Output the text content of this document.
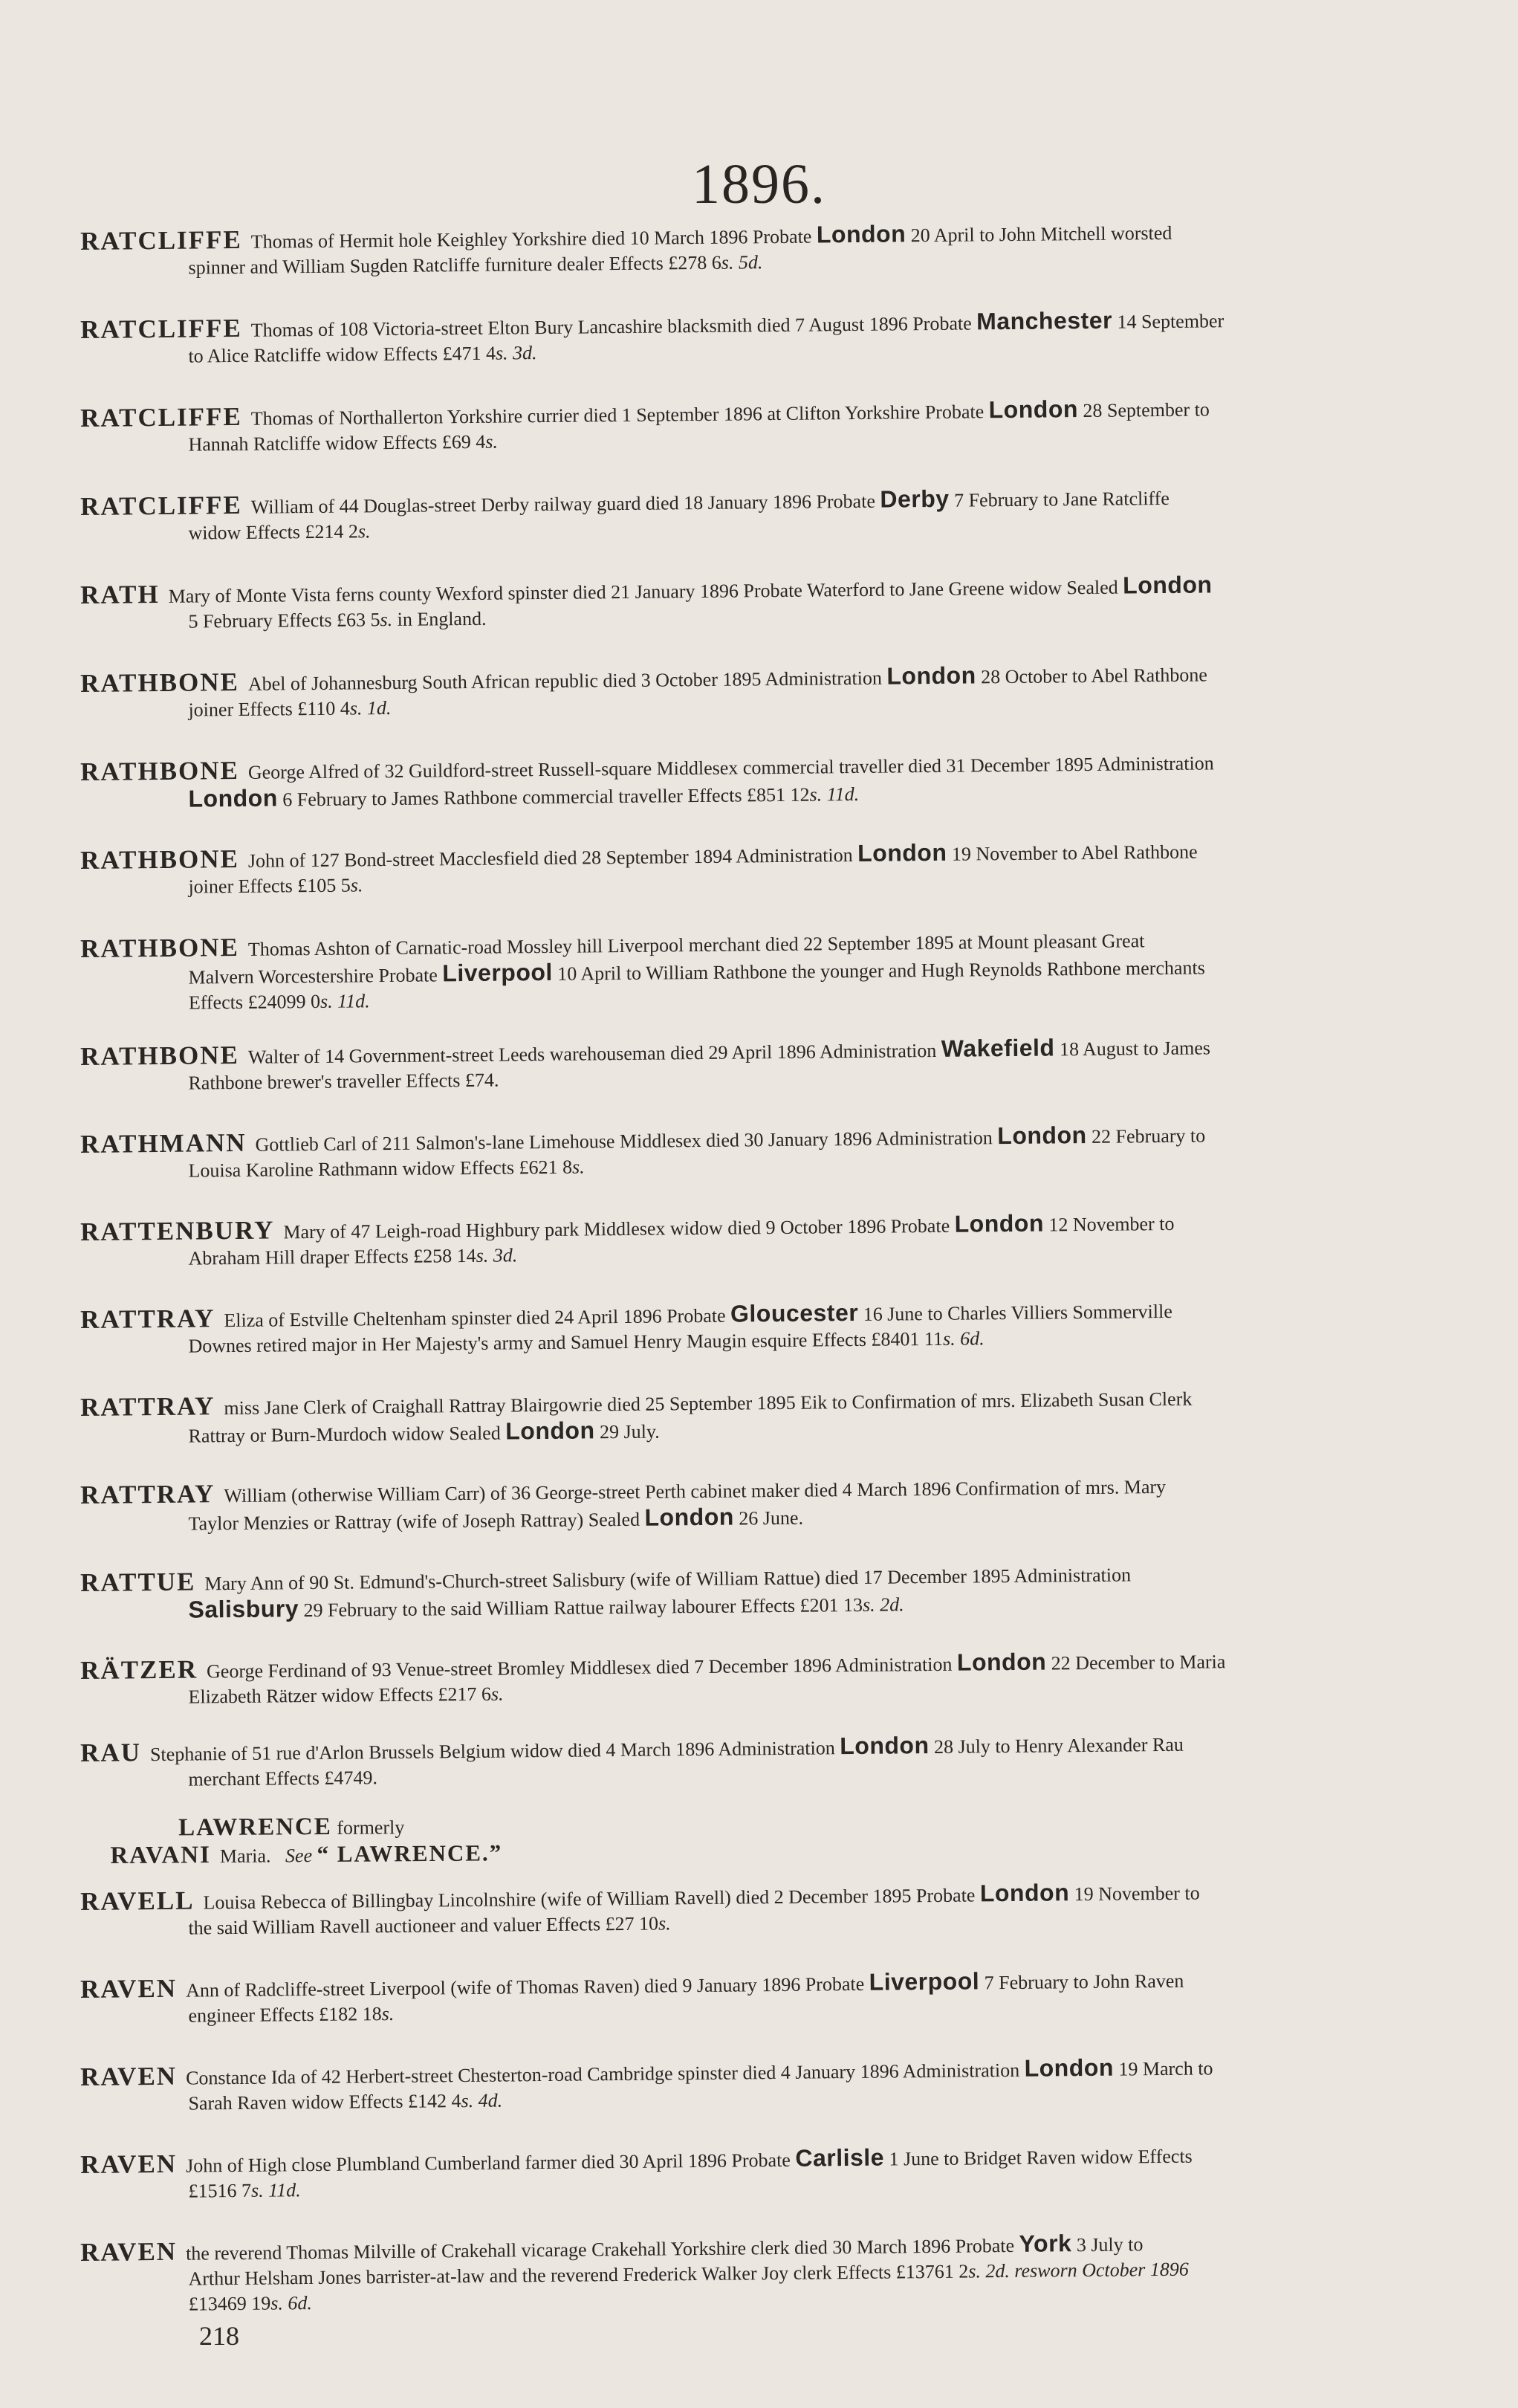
1896.
RATCLIFFE Thomas of Hermit hole Keighley Yorkshire died 10 March 1896 Probate London 20 April to John Mitchell worsted
spinner and William Sugden Ratcliffe furniture dealer Effects £278 6s. 5d.
RATCLIFFE Thomas of 108 Victoria-street Elton Bury Lancashire blacksmith died 7 August 1896 Probate Manchester 14 September
to Alice Ratcliffe widow Effects £471 4s. 3d.
RATCLIFFE Thomas of Northallerton Yorkshire currier died 1 September 1896 at Clifton Yorkshire Probate London 28 September to
Hannah Ratcliffe widow Effects £69 4s.
RATCLIFFE William of 44 Douglas-street Derby railway guard died 18 January 1896 Probate Derby 7 February to Jane Ratcliffe
widow Effects £214 2s.
RATH Mary of Monte Vista ferns county Wexford spinster died 21 January 1896 Probate Waterford to Jane Greene widow Sealed London
5 February Effects £63 5s. in England.
RATHBONE Abel of Johannesburg South African republic died 3 October 1895 Administration London 28 October to Abel Rathbone
joiner Effects £110 4s. 1d.
RATHBONE George Alfred of 32 Guildford-street Russell-square Middlesex commercial traveller died 31 December 1895 Administration
London 6 February to James Rathbone commercial traveller Effects £851 12s. 11d.
RATHBONE John of 127 Bond-street Macclesfield died 28 September 1894 Administration London 19 November to Abel Rathbone
joiner Effects £105 5s.
RATHBONE Thomas Ashton of Carnatic-road Mossley hill Liverpool merchant died 22 September 1895 at Mount pleasant Great
Malvern Worcestershire Probate Liverpool 10 April to William Rathbone the younger and Hugh Reynolds Rathbone merchants
Effects £24099 0s. 11d.
RATHBONE Walter of 14 Government-street Leeds warehouseman died 29 April 1896 Administration Wakefield 18 August to James
Rathbone brewer's traveller Effects £74.
RATHMANN Gottlieb Carl of 211 Salmon's-lane Limehouse Middlesex died 30 January 1896 Administration London 22 February to
Louisa Karoline Rathmann widow Effects £621 8s.
RATTENBURY Mary of 47 Leigh-road Highbury park Middlesex widow died 9 October 1896 Probate London 12 November to
Abraham Hill draper Effects £258 14s. 3d.
RATTRAY Eliza of Estville Cheltenham spinster died 24 April 1896 Probate Gloucester 16 June to Charles Villiers Sommerville
Downes retired major in Her Majesty's army and Samuel Henry Maugin esquire Effects £8401 11s. 6d.
RATTRAY miss Jane Clerk of Craighall Rattray Blairgowrie died 25 September 1895 Eik to Confirmation of mrs. Elizabeth Susan Clerk
Rattray or Burn-Murdoch widow Sealed London 29 July.
RATTRAY William (otherwise William Carr) of 36 George-street Perth cabinet maker died 4 March 1896 Confirmation of mrs. Mary
Taylor Menzies or Rattray (wife of Joseph Rattray) Sealed London 26 June.
RATTUE Mary Ann of 90 St. Edmund's-Church-street Salisbury (wife of William Rattue) died 17 December 1895 Administration
Salisbury 29 February to the said William Rattue railway labourer Effects £201 13s. 2d.
RÄTZER George Ferdinand of 93 Venue-street Bromley Middlesex died 7 December 1896 Administration London 22 December to Maria
Elizabeth Rätzer widow Effects £217 6s.
RAU Stephanie of 51 rue d'Arlon Brussels Belgium widow died 4 March 1896 Administration London 28 July to Henry Alexander Rau
merchant Effects £4749.
LAWRENCE formerly
RAVANI Maria. See “ LAWRENCE.”
RAVELL Louisa Rebecca of Billingbay Lincolnshire (wife of William Ravell) died 2 December 1895 Probate London 19 November to
the said William Ravell auctioneer and valuer Effects £27 10s.
RAVEN Ann of Radcliffe-street Liverpool (wife of Thomas Raven) died 9 January 1896 Probate Liverpool 7 February to John Raven
engineer Effects £182 18s.
RAVEN Constance Ida of 42 Herbert-street Chesterton-road Cambridge spinster died 4 January 1896 Administration London 19 March to
Sarah Raven widow Effects £142 4s. 4d.
RAVEN John of High close Plumbland Cumberland farmer died 30 April 1896 Probate Carlisle 1 June to Bridget Raven widow Effects
£1516 7s. 11d.
RAVEN the reverend Thomas Milville of Crakehall vicarage Crakehall Yorkshire clerk died 30 March 1896 Probate York 3 July to
Arthur Helsham Jones barrister-at-law and the reverend Frederick Walker Joy clerk Effects £13761 2s. 2d. resworn October 1896
£13469 19s. 6d.
218
